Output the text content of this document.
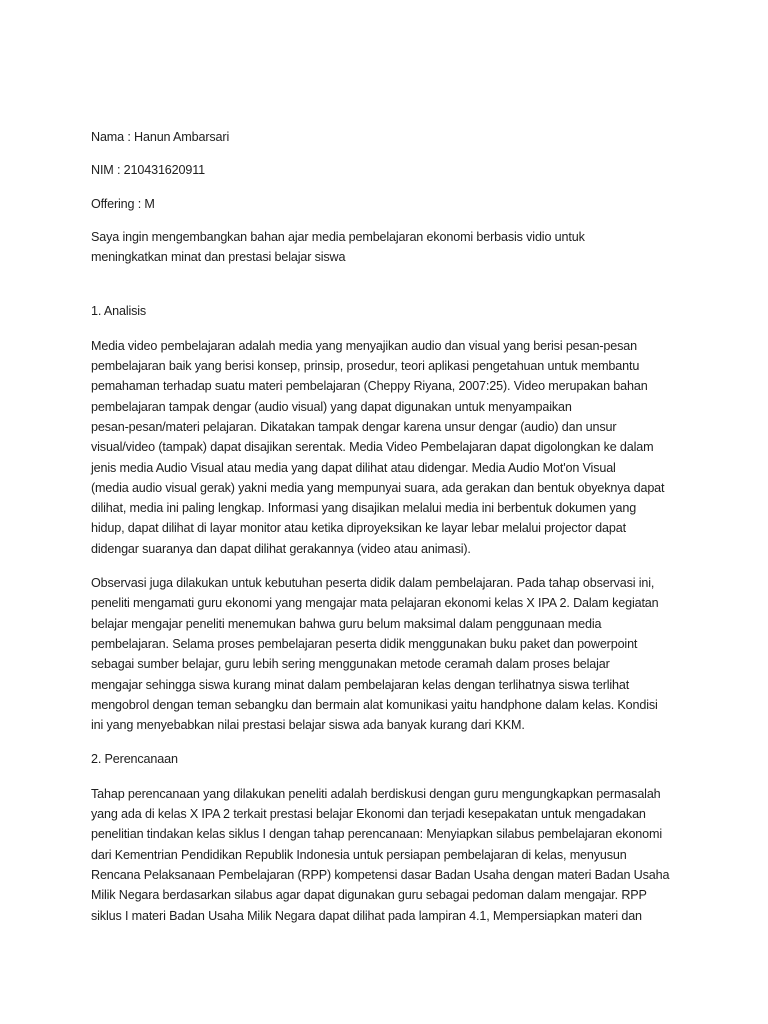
Nama : Hanun Ambarsari

NIM : 210431620911

Offering : M

Saya ingin mengembangkan bahan ajar media pembelajaran ekonomi berbasis vidio untuk
meningkatkan minat dan prestasi belajar siswa

1. Analisis

Media video pembelajaran adalah media yang menyajikan audio dan visual yang berisi pesan-pesan
pembelajaran baik yang berisi konsep, prinsip, prosedur, teori aplikasi pengetahuan untuk membantu
pemahaman terhadap suatu materi pembelajaran (Cheppy Riyana, 2007:25). Video merupakan bahan
pembelajaran tampak dengar (audio visual) yang dapat digunakan untuk menyampaikan
pesan-pesan/materi pelajaran. Dikatakan tampak dengar karena unsur dengar (audio) dan unsur
visual/video (tampak) dapat disajikan serentak. Media Video Pembelajaran dapat digolongkan ke dalam
jenis media Audio Visual atau media yang dapat dilihat atau didengar. Media Audio Mot'on Visual
(media audio visual gerak) yakni media yang mempunyai suara, ada gerakan dan bentuk obyeknya dapat
dilihat, media ini paling lengkap. Informasi yang disajikan melalui media ini berbentuk dokumen yang
hidup, dapat dilihat di layar monitor atau ketika diproyeksikan ke layar lebar melalui projector dapat
didengar suaranya dan dapat dilihat gerakannya (video atau animasi).
Observasi juga dilakukan untuk kebutuhan peserta didik dalam pembelajaran. Pada tahap observasi ini,
peneliti mengamati guru ekonomi yang mengajar mata pelajaran ekonomi kelas X IPA 2. Dalam kegiatan
belajar mengajar peneliti menemukan bahwa guru belum maksimal dalam penggunaan media
pembelajaran. Selama proses pembelajaran peserta didik menggunakan buku paket dan powerpoint
sebagai sumber belajar, guru lebih sering menggunakan metode ceramah dalam proses belajar
mengajar sehingga siswa kurang minat dalam pembelajaran kelas dengan terlihatnya siswa terlihat
mengobrol dengan teman sebangku dan bermain alat komunikasi yaitu handphone dalam kelas. Kondisi
ini yang menyebabkan nilai prestasi belajar siswa ada banyak kurang dari KKM.

2. Perencanaan

Tahap perencanaan yang dilakukan peneliti adalah berdiskusi dengan guru mengungkapkan permasalah
yang ada di kelas X IPA 2 terkait prestasi belajar Ekonomi dan terjadi kesepakatan untuk mengadakan
penelitian tindakan kelas siklus I dengan tahap perencanaan: Menyiapkan silabus pembelajaran ekonomi
dari Kementrian Pendidikan Republik Indonesia untuk persiapan pembelajaran di kelas, menyusun
Rencana Pelaksanaan Pembelajaran (RPP) kompetensi dasar Badan Usaha dengan materi Badan Usaha
Milik Negara berdasarkan silabus agar dapat digunakan guru sebagai pedoman dalam mengajar. RPP
siklus I materi Badan Usaha Milik Negara dapat dilihat pada lampiran 4.1, Mempersiapkan materi dan
